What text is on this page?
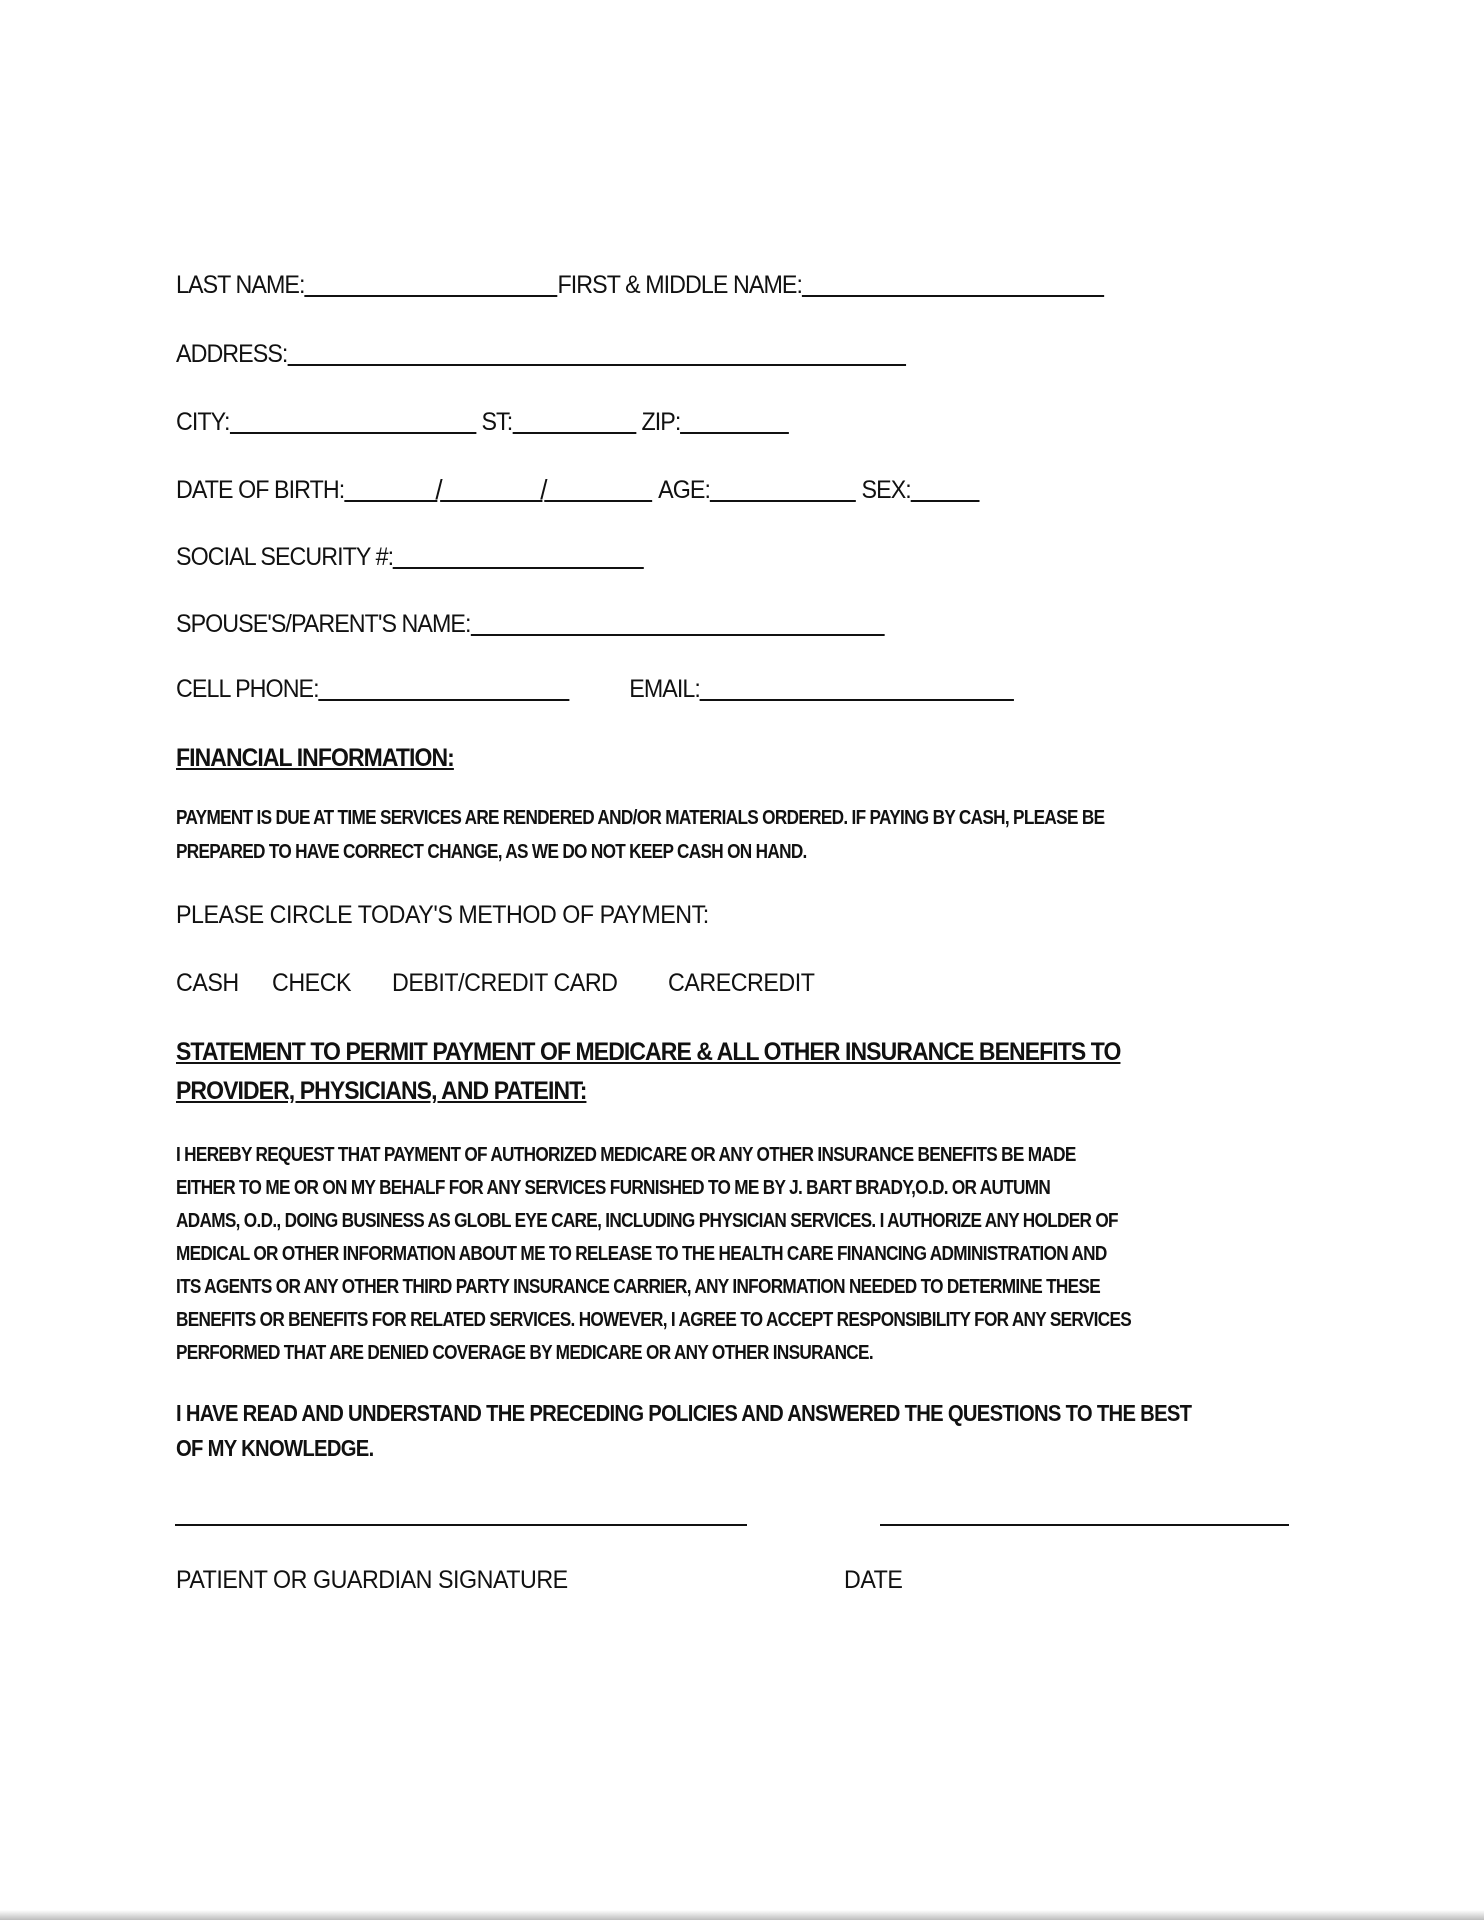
LAST NAME:	FIRST & MIDDLE NAME:
ADDRESS:
CITY:	ST:	ZIP:
DATE OF BIRTH:	/	/	AGE:	SEX:
SOCIAL SECURITY #:
SPOUSE'S/PARENT'S NAME:
CELL PHONE:	EMAIL:
FINANCIAL INFORMATION:
PAYMENT IS DUE AT TIME SERVICES ARE RENDERED AND/OR MATERIALS ORDERED. IF PAYING BY CASH, PLEASE BE
PREPARED TO HAVE CORRECT CHANGE, AS WE DO NOT KEEP CASH ON HAND.
PLEASE CIRCLE TODAY'S METHOD OF PAYMENT:
CASH CHECK DEBIT/CREDIT CARD CARECREDIT
STATEMENT TO PERMIT PAYMENT OF MEDICARE & ALL OTHER INSURANCE BENEFITS TO
PROVIDER, PHYSICIANS, AND PATEINT:
I HEREBY REQUEST THAT PAYMENT OF AUTHORIZED MEDICARE OR ANY OTHER INSURANCE BENEFITS BE MADE
EITHER TO ME OR ON MY BEHALF FOR ANY SERVICES FURNISHED TO ME BY J. BART BRADY,O.D. OR AUTUMN
ADAMS, O.D., DOING BUSINESS AS GLOBL EYE CARE, INCLUDING PHYSICIAN SERVICES. I AUTHORIZE ANY HOLDER OF
MEDICAL OR OTHER INFORMATION ABOUT ME TO RELEASE TO THE HEALTH CARE FINANCING ADMINISTRATION AND
ITS AGENTS OR ANY OTHER THIRD PARTY INSURANCE CARRIER, ANY INFORMATION NEEDED TO DETERMINE THESE
BENEFITS OR BENEFITS FOR RELATED SERVICES. HOWEVER, I AGREE TO ACCEPT RESPONSIBILITY FOR ANY SERVICES
PERFORMED THAT ARE DENIED COVERAGE BY MEDICARE OR ANY OTHER INSURANCE.
I HAVE READ AND UNDERSTAND THE PRECEDING POLICIES AND ANSWERED THE QUESTIONS TO THE BEST
OF MY KNOWLEDGE.
PATIENT OR GUARDIAN SIGNATURE	DATE
